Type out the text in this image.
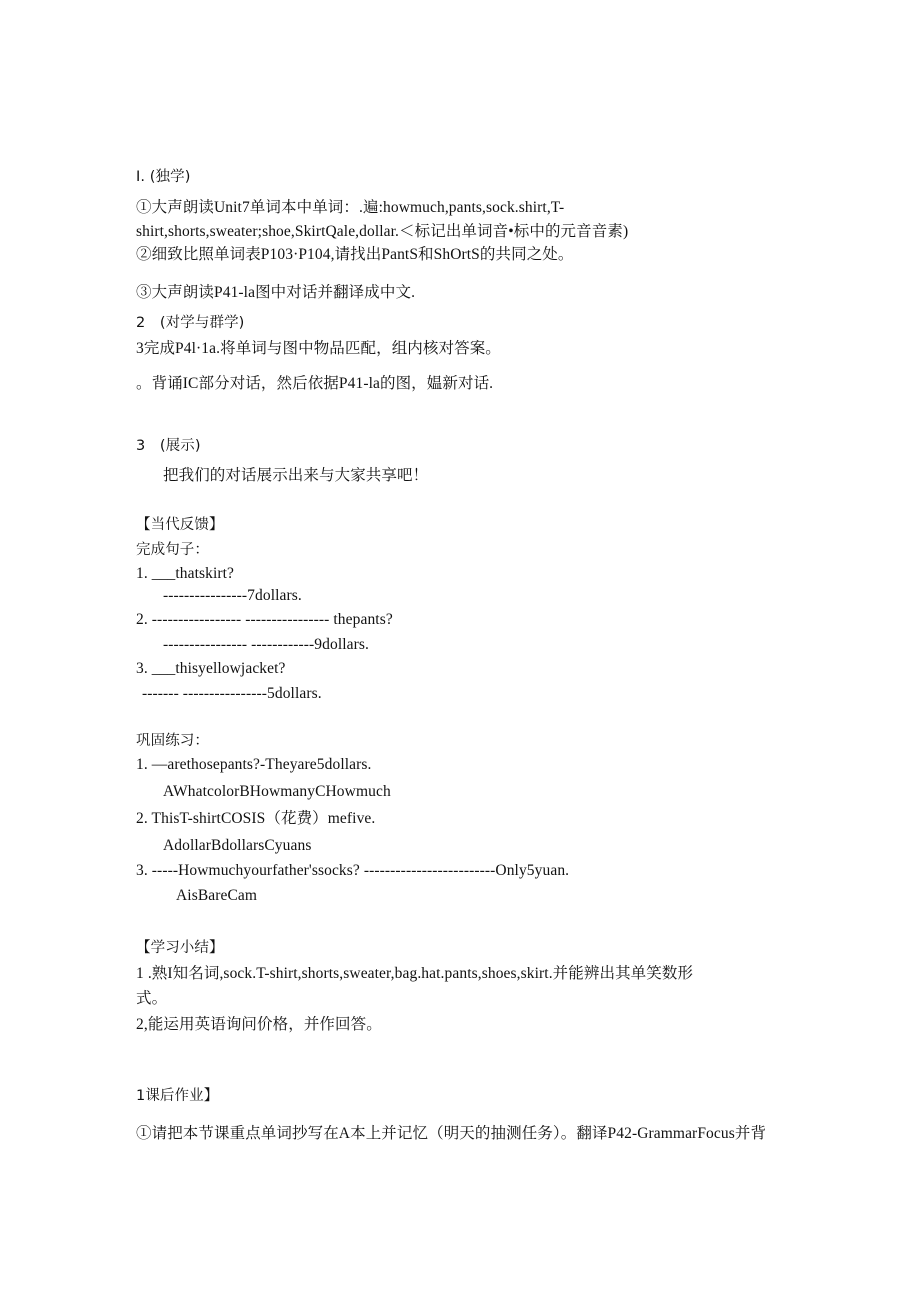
I. (独学)
①大声朗读Unit7单词本中单词：.遍:howmuch,pants,sock.shirt,T-
shirt,shorts,sweater;shoe,SkirtQale,dollar.＜标记出单词音•标中的元音音素)
②细致比照单词表P103·P104,请找出PantS和ShOrtS的共同之处。
③大声朗读P41-la图中对话并翻译成中文.
2　(对学与群学)
3完成P4l·1a.将单词与图中物品匹配，组内核对答案。
。背诵IC部分对话，然后依据P41-la的图，媪新对话.
3　(展示)
把我们的对话展示出来与大家共享吧！
【当代反馈】
完成句子：
1. ___thatskirt?
----------------7dollars.
2. ----------------- ---------------- thepants?
---------------- ------------9dollars.
3. ___thisyellowjacket?
------- ----------------5dollars.
巩固练习：
1. —arethosepants?-Theyare5dollars.
AWhatcolorBHowmanyCHowmuch
2. ThisT-shirtCOSIS（花费）mefive.
AdollarBdollarsCyuans
3. -----Howmuchyourfather'ssocks? -------------------------Only5yuan.
AisBareCam
【学习小结】
1 .熟I知名词,sock.T-shirt,shorts,sweater,bag.hat.pants,shoes,skirt.并能辨出其单笑数形
式。
2,能运用英语询问价格，并作回答。
1课后作业】
①请把本节课重点单词抄写在A本上并记忆（明天的抽测任务）。翻译P42-GrammarFocus并背
